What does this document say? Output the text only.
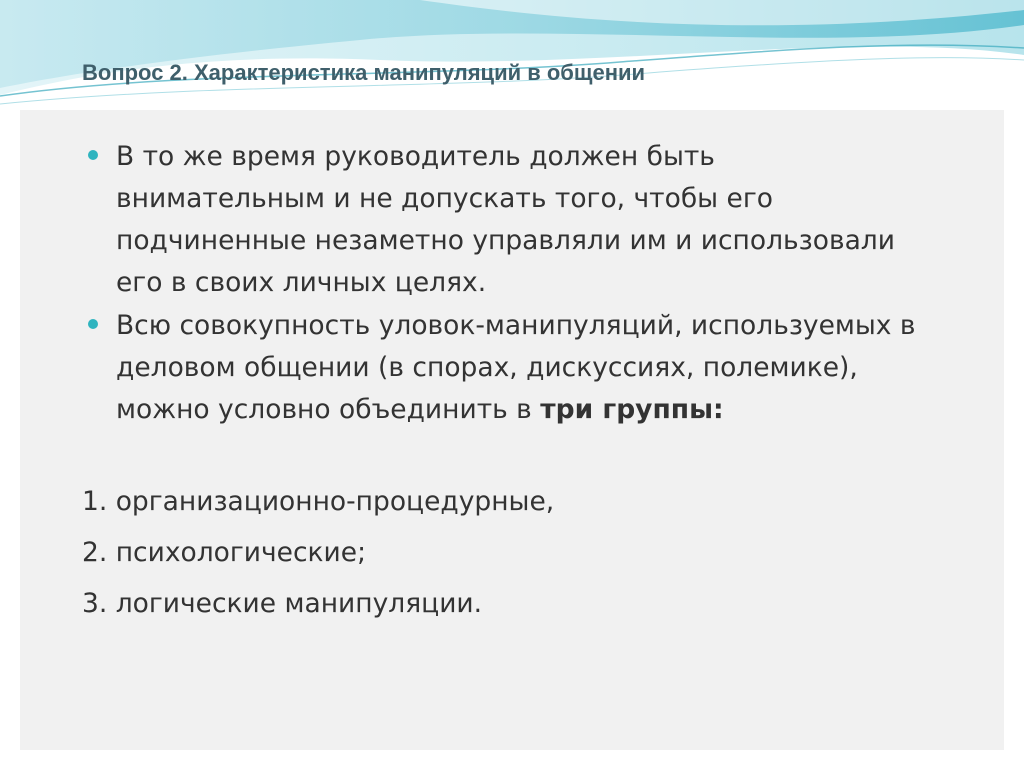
Вопрос 2. Характеристика манипуляций в общении
В то же время руководитель должен быть внимательным и не допускать того, чтобы его подчиненные незаметно управляли им и использовали его в своих личных целях.
Всю совокупность уловок-манипуляций, используемых в деловом общении (в спорах, дискуссиях, полемике), можно условно объединить в три группы:
1. организационно-процедурные,
2. психологические;
3. логические манипуляции.
